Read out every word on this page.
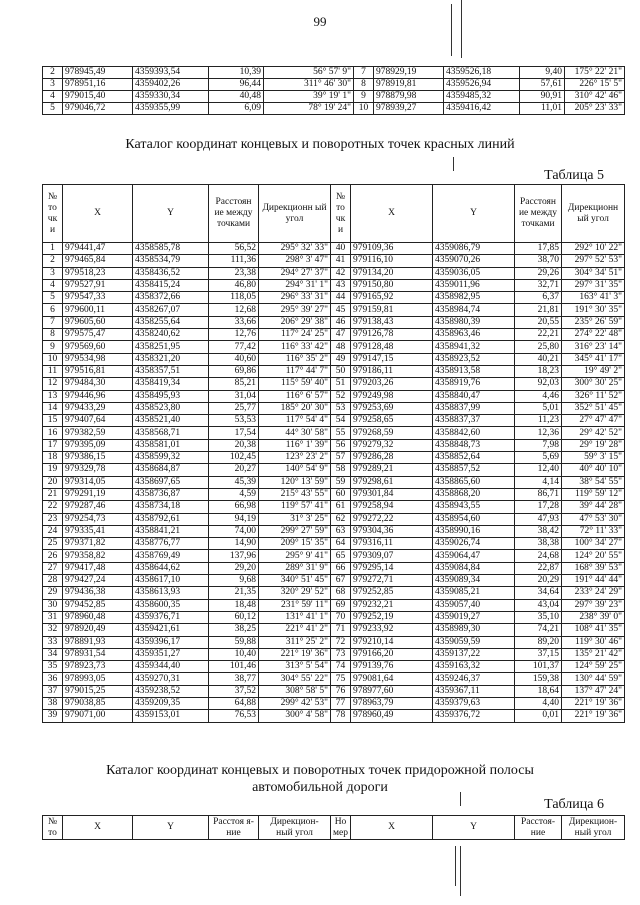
99
2	978945,49	4359393,54	10,39	56° 57' 9"	7	978929,19	4359526,18	9,40	175° 22' 21"
3	978951,16	4359402,26	96,44	311° 46' 30"	8	978919,81	4359526,94	57,61	226° 15' 5"
4	979015,40	4359330,34	40,48	39° 19' 1"	9	978879,98	4359485,32	90,91	310° 42' 46"
5	979046,72	4359355,99	6,09	78° 19' 24"	10	978939,27	4359416,42	11,01	205° 23' 33"
Каталог координат концевых и поворотных точек красных линий
Таблица 5
№ то чк и	X	Y	Расстоян ие между точками	Дирекционн ый угол	№ то чк и	X	Y	Расстоян ие между точками	Дирекционн ый угол
1	979441,47	4358585,78	56,52	295° 32' 33"	40	979109,36	4359086,79	17,85	292° 10' 22"
2	979465,84	4358534,79	111,36	298° 3' 47"	41	979116,10	4359070,26	38,70	297° 52' 53"
3	979518,23	4358436,52	23,38	294° 27' 37"	42	979134,20	4359036,05	29,26	304° 34' 51"
4	979527,91	4358415,24	46,80	294° 31' 1"	43	979150,80	4359011,96	32,71	297° 31' 35"
5	979547,33	4358372,66	118,05	296° 33' 31"	44	979165,92	4358982,95	6,37	163° 41' 3"
6	979600,11	4358267,07	12,68	295° 39' 27"	45	979159,81	4358984,74	21,81	191° 30' 35"
7	979605,60	4358255,64	33,66	206° 29' 38"	46	979138,43	4358980,39	20,55	235° 26' 59"
8	979575,47	4358240,62	12,76	117° 24' 25"	47	979126,78	4358963,46	22,21	274° 22' 48"
9	979569,60	4358251,95	77,42	116° 33' 42"	48	979128,48	4358941,32	25,80	316° 23' 14"
10	979534,98	4358321,20	40,60	116° 35' 2"	49	979147,15	4358923,52	40,21	345° 41' 17"
11	979516,81	4358357,51	69,86	117° 44' 7"	50	979186,11	4358913,58	18,23	19° 49' 2"
12	979484,30	4358419,34	85,21	115° 59' 40"	51	979203,26	4358919,76	92,03	300° 30' 25"
13	979446,96	4358495,93	31,04	116° 6' 57"	52	979249,98	4358840,47	4,46	326° 11' 52"
14	979433,29	4358523,80	25,77	185° 20' 30"	53	979253,69	4358837,99	5,01	352° 51' 45"
15	979407,64	4358521,40	53,53	117° 54' 4"	54	979258,65	4358837,37	11,23	27° 47' 47"
16	979382,59	4358568,71	17,54	44° 30' 58"	55	979268,59	4358842,60	12,36	29° 42' 52"
17	979395,09	4358581,01	20,38	116° 1' 39"	56	979279,32	4358848,73	7,98	29° 19' 28"
18	979386,15	4358599,32	102,45	123° 23' 2"	57	979286,28	4358852,64	5,69	59° 3' 15"
19	979329,78	4358684,87	20,27	140° 54' 9"	58	979289,21	4358857,52	12,40	40° 40' 10"
20	979314,05	4358697,65	45,39	120° 13' 59"	59	979298,61	4358865,60	4,14	38° 54' 55"
21	979291,19	4358736,87	4,59	215° 43' 55"	60	979301,84	4358868,20	86,71	119° 59' 12"
22	979287,46	4358734,18	66,98	119° 57' 41"	61	979258,94	4358943,55	17,28	39° 44' 28"
23	979254,73	4358792,61	94,19	31° 3' 25"	62	979272,22	4358954,60	47,93	47° 53' 30"
24	979335,41	4358841,21	74,00	299° 27' 59"	63	979304,36	4358990,16	38,42	72° 11' 33"
25	979371,82	4358776,77	14,90	209° 15' 35"	64	979316,11	4359026,74	38,38	100° 34' 27"
26	979358,82	4358769,49	137,96	295° 9' 41"	65	979309,07	4359064,47	24,68	124° 20' 55"
27	979417,48	4358644,62	29,20	289° 31' 9"	66	979295,14	4359084,84	22,87	168° 39' 53"
28	979427,24	4358617,10	9,68	340° 51' 45"	67	979272,71	4359089,34	20,29	191° 44' 44"
29	979436,38	4358613,93	21,35	320° 29' 52"	68	979252,85	4359085,21	34,64	233° 24' 29"
30	979452,85	4358600,35	18,48	231° 59' 11"	69	979232,21	4359057,40	43,04	297° 39' 23"
31	978960,48	4359376,71	60,12	131° 41' 1"	70	979252,19	4359019,27	35,10	238° 39' 0"
32	978920,49	4359421,61	38,25	221° 41' 2"	71	979233,92	4358989,30	74,21	108° 41' 35"
33	978891,93	4359396,17	59,88	311° 25' 2"	72	979210,14	4359059,59	89,20	119° 30' 46"
34	978931,54	4359351,27	10,40	221° 19' 36"	73	979166,20	4359137,22	37,15	135° 21' 42"
35	978923,73	4359344,40	101,46	313° 5' 54"	74	979139,76	4359163,32	101,37	124° 59' 25"
36	978993,05	4359270,31	38,77	304° 55' 22"	75	979081,64	4359246,37	159,38	130° 44' 59"
37	979015,25	4359238,52	37,52	308° 58' 5"	76	978977,60	4359367,11	18,64	137° 47' 24"
38	979038,85	4359209,35	64,88	299° 42' 53"	77	978963,79	4359379,63	4,40	221° 19' 36"
39	979071,00	4359153,01	76,53	300° 4' 58"	78	978960,49	4359376,72	0,01	221° 19' 36"
Каталог координат концевых и поворотных точек придорожной полосы
автомобильной дороги
Таблица 6
№ то	X	Y	Расстоя я-ние	Дирекцион- ный угол	Но мер	X	Y	Расстоя- ние	Дирекцион- ный угол
